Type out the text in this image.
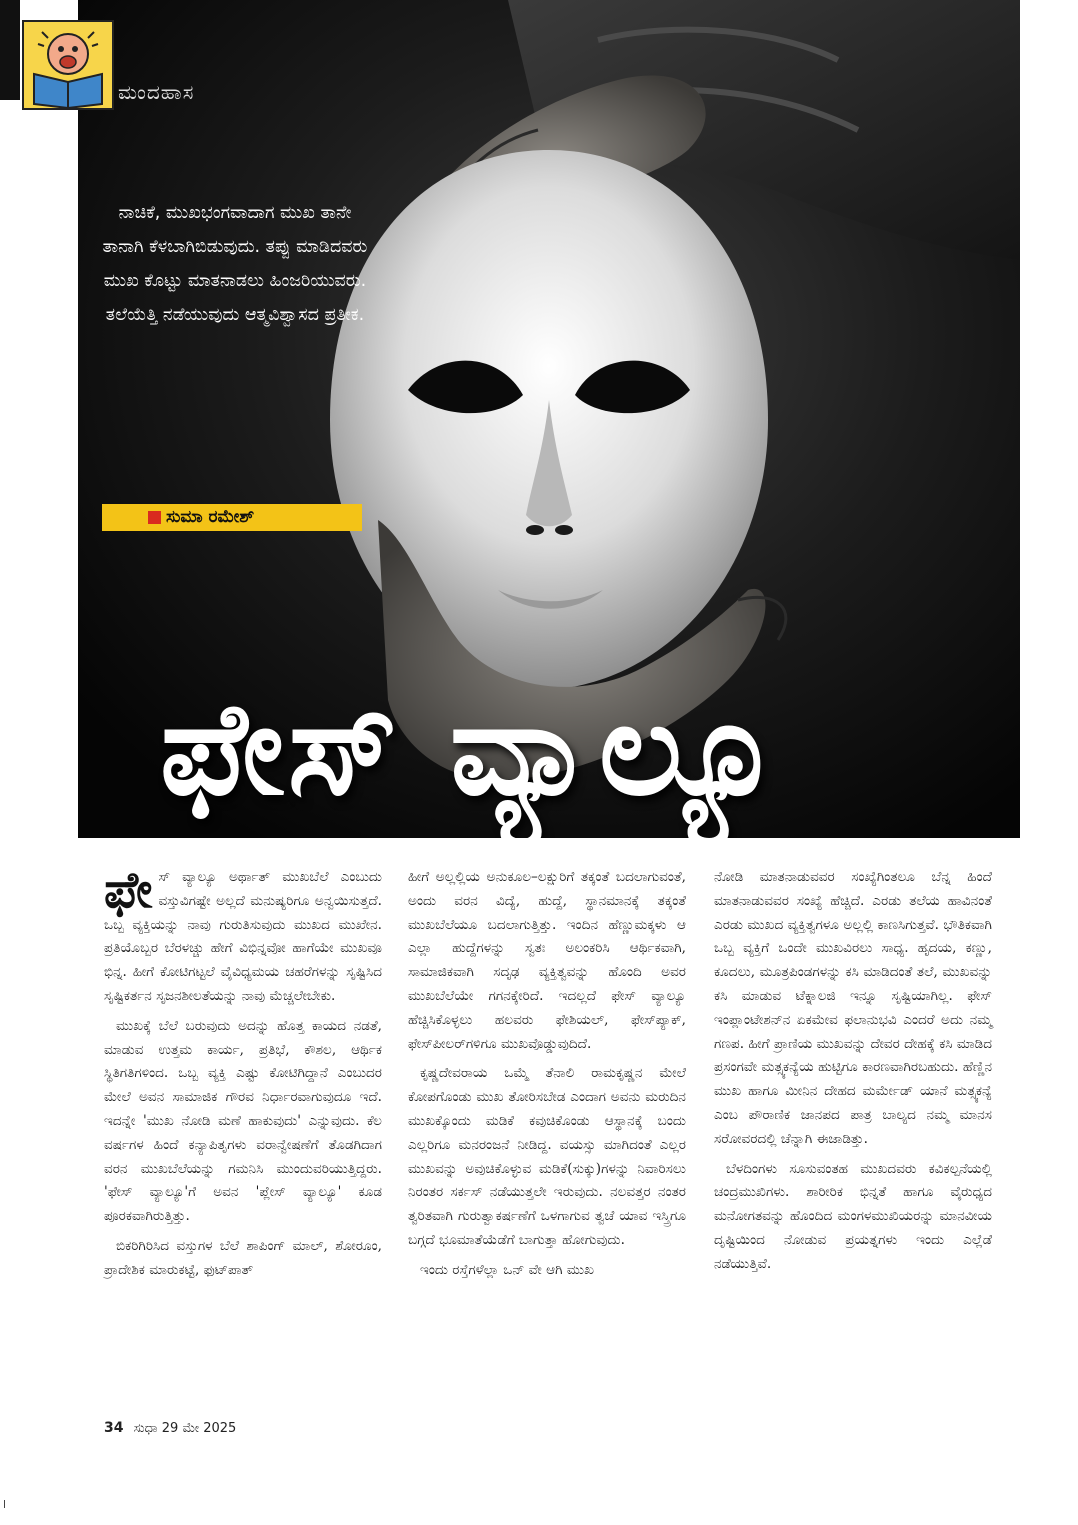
ಮಂದಹಾಸ
ನಾಚಿಕೆ, ಮುಖಭಂಗವಾದಾಗ ಮುಖ ತಾನೇ ತಾನಾಗಿ ಕೆಳಬಾಗಿಬಿಡುವುದು. ತಪ್ಪು ಮಾಡಿದವರು ಮುಖ ಕೊಟ್ಟು ಮಾತನಾಡಲು ಹಿಂಜರಿಯುವರು. ತಲೆಯೆತ್ತಿ ನಡೆಯುವುದು ಆತ್ಮವಿಶ್ವಾಸದ ಪ್ರತೀಕ.
ಸುಮಾ ರಮೇಶ್
ಫೇಸ್ ವ್ಯಾಲ್ಯೂ

ಫೇಸ್ ವ್ಯಾಲ್ಯೂ ಅರ್ಥಾತ್ ಮುಖಬೆಲೆ ಎಂಬುದು ವಸ್ತುವಿಗಷ್ಟೇ ಅಲ್ಲದೆ ಮನುಷ್ಯರಿಗೂ ಅನ್ವಯಿಸುತ್ತದೆ. ಒಬ್ಬ ವ್ಯಕ್ತಿಯನ್ನು ನಾವು ಗುರುತಿಸುವುದು ಮುಖದ ಮುಖೇನ. ಪ್ರತಿಯೊಬ್ಬರ ಬೆರಳಚ್ಚು ಹೇಗೆ ವಿಭಿನ್ನವೋ ಹಾಗೆಯೇ ಮುಖವೂ ಭಿನ್ನ. ಹೀಗೆ ಕೋಟಿಗಟ್ಟಲೆ ವೈವಿಧ್ಯಮಯ ಚಹರೆಗಳನ್ನು ಸೃಷ್ಟಿಸಿದ ಸೃಷ್ಟಿಕರ್ತನ ಸೃಜನಶೀಲತೆಯನ್ನು ನಾವು ಮೆಚ್ಚಲೇಬೇಕು.

ಮುಖಕ್ಕೆ ಬೆಲೆ ಬರುವುದು ಅದನ್ನು ಹೊತ್ತ ಕಾಯದ ನಡತೆ, ಮಾಡುವ ಉತ್ತಮ ಕಾರ್ಯ, ಪ್ರತಿಭೆ, ಕೌಶಲ, ಆರ್ಥಿಕ ಸ್ಥಿತಿಗತಿಗಳಿಂದ. ಒಬ್ಬ ವ್ಯಕ್ತಿ ಎಷ್ಟು ಕೋಟಿಗಿದ್ದಾನೆ ಎಂಬುದರ ಮೇಲೆ ಅವನ ಸಾಮಾಜಿಕ ಗೌರವ ನಿರ್ಧಾರವಾಗುವುದೂ ಇದೆ. ಇದನ್ನೇ 'ಮುಖ ನೋಡಿ ಮಣೆ ಹಾಕುವುದು' ಎನ್ನುವುದು. ಕೆಲ ವರ್ಷಗಳ ಹಿಂದೆ ಕನ್ಯಾಪಿತೃಗಳು ವರಾನ್ವೇಷಣೆಗೆ ತೊಡಗಿದಾಗ ವರನ ಮುಖಬೆಲೆಯನ್ನು ಗಮನಿಸಿ ಮುಂದುವರಿಯುತ್ತಿದ್ದರು. 'ಫೇಸ್ ವ್ಯಾಲ್ಯೂ'ಗೆ ಅವನ 'ಪ್ಲೇಸ್ ವ್ಯಾಲ್ಯೂ' ಕೂಡ ಪೂರಕವಾಗಿರುತ್ತಿತ್ತು.

ಬಿಕರಿಗಿರಿಸಿದ ವಸ್ತುಗಳ ಬೆಲೆ ಶಾಪಿಂಗ್ ಮಾಲ್, ಶೋರೂಂ, ಪ್ರಾದೇಶಿಕ ಮಾರುಕಟ್ಟೆ, ಫುಟ್‌ಪಾತ್

ಹೀಗೆ ಅಲ್ಲಲ್ಲಿಯ ಅನುಕೂಲ–ಲಕ್ಷುರಿಗೆ ತಕ್ಕಂತೆ ಬದಲಾಗುವಂತೆ, ಅಂದು ವರನ ವಿದ್ಯೆ, ಹುದ್ದೆ, ಸ್ಥಾನಮಾನಕ್ಕೆ ತಕ್ಕಂತೆ ಮುಖಬೆಲೆಯೂ ಬದಲಾಗುತ್ತಿತ್ತು. ಇಂದಿನ ಹೆಣ್ಣುಮಕ್ಕಳು ಆ ಎಲ್ಲಾ ಹುದ್ದೆಗಳನ್ನು ಸ್ವತಃ ಅಲಂಕರಿಸಿ ಆರ್ಥಿಕವಾಗಿ, ಸಾಮಾಜಿಕವಾಗಿ ಸದೃಢ ವ್ಯಕ್ತಿತ್ವವನ್ನು ಹೊಂದಿ ಅವರ ಮುಖಬೆಲೆಯೇ ಗಗನಕ್ಕೇರಿದೆ. ಇದಲ್ಲದೆ ಫೇಸ್ ವ್ಯಾಲ್ಯೂ ಹೆಚ್ಚಿಸಿಕೊಳ್ಳಲು ಹಲವರು ಫೇಶಿಯಲ್, ಫೇಸ್‌ಪ್ಯಾಕ್, ಫೇಸ್‌ಪೀಲರ್‌ಗಳಿಗೂ ಮುಖವೊಡ್ಡುವುದಿದೆ.

ಕೃಷ್ಣದೇವರಾಯ ಒಮ್ಮೆ ತೆನಾಲಿ ರಾಮಕೃಷ್ಣನ ಮೇಲೆ ಕೋಪಗೊಂಡು ಮುಖ ತೋರಿಸಬೇಡ ಎಂದಾಗ ಅವನು ಮರುದಿನ ಮುಖಕ್ಕೊಂದು ಮಡಿಕೆ ಕವುಚಿಕೊಂಡು ಆಸ್ಥಾನಕ್ಕೆ ಬಂದು ಎಲ್ಲರಿಗೂ ಮನರಂಜನೆ ನೀಡಿದ್ದ. ವಯಸ್ಸು ಮಾಗಿದಂತೆ ಎಲ್ಲರ ಮುಖವನ್ನು ಅವುಚಿಕೊಳ್ಳುವ ಮಡಿಕೆ(ಸುಕ್ಕು)ಗಳನ್ನು ನಿವಾರಿಸಲು ನಿರಂತರ ಸರ್ಕಸ್ ನಡೆಯುತ್ತಲೇ ಇರುವುದು. ನಲವತ್ತರ ನಂತರ ತ್ವರಿತವಾಗಿ ಗುರುತ್ವಾಕರ್ಷಣೆಗೆ ಒಳಗಾಗುವ ತ್ವಚೆ ಯಾವ ಇಸ್ತ್ರಿಗೂ ಬಗ್ಗದೆ ಭೂಮಾತೆಯೆಡೆಗೆ ಬಾಗುತ್ತಾ ಹೋಗುವುದು.

ಇಂದು ರಸ್ತೆಗಳೆಲ್ಲಾ ಒನ್ ವೇ ಆಗಿ ಮುಖ

ನೋಡಿ ಮಾತನಾಡುವವರ ಸಂಖ್ಯೆಗಿಂತಲೂ ಬೆನ್ನ ಹಿಂದೆ ಮಾತನಾಡುವವರ ಸಂಖ್ಯೆ ಹೆಚ್ಚಿದೆ. ಎರಡು ತಲೆಯ ಹಾವಿನಂತೆ ಎರಡು ಮುಖದ ವ್ಯಕ್ತಿತ್ವಗಳೂ ಅಲ್ಲಲ್ಲಿ ಕಾಣಸಿಗುತ್ತವೆ. ಭೌತಿಕವಾಗಿ ಒಬ್ಬ ವ್ಯಕ್ತಿಗೆ ಒಂದೇ ಮುಖವಿರಲು ಸಾಧ್ಯ. ಹೃದಯ, ಕಣ್ಣು, ಕೂದಲು, ಮೂತ್ರಪಿಂಡಗಳನ್ನು ಕಸಿ ಮಾಡಿದಂತೆ ತಲೆ, ಮುಖವನ್ನು ಕಸಿ ಮಾಡುವ ಟೆಕ್ನಾಲಜಿ ಇನ್ನೂ ಸೃಷ್ಟಿಯಾಗಿಲ್ಲ. ಫೇಸ್ ಇಂಪ್ಲಾಂಟೇಶನ್‌ನ ಏಕಮೇವ ಫಲಾನುಭವಿ ಎಂದರೆ ಅದು ನಮ್ಮ ಗಣಪ. ಹೀಗೆ ಪ್ರಾಣಿಯ ಮುಖವನ್ನು ದೇವರ ದೇಹಕ್ಕೆ ಕಸಿ ಮಾಡಿದ ಪ್ರಸಂಗವೇ ಮತ್ಸ್ಯಕನ್ಯೆಯ ಹುಟ್ಟಿಗೂ ಕಾರಣವಾಗಿರಬಹುದು. ಹೆಣ್ಣಿನ ಮುಖ ಹಾಗೂ ಮೀನಿನ ದೇಹದ ಮರ್ಮೇಡ್ ಯಾನೆ ಮತ್ಸ್ಯಕನ್ಯೆ ಎಂಬ ಪೌರಾಣಿಕ ಜಾನಪದ ಪಾತ್ರ ಬಾಲ್ಯದ ನಮ್ಮ ಮಾನಸ ಸರೋವರದಲ್ಲಿ ಚೆನ್ನಾಗಿ ಈಜಾಡಿತ್ತು.

ಬೆಳದಿಂಗಳು ಸೂಸುವಂತಹ ಮುಖದವರು ಕವಿಕಲ್ಪನೆಯಲ್ಲಿ ಚಂದ್ರಮುಖಿಗಳು. ಶಾರೀರಿಕ ಭಿನ್ನತೆ ಹಾಗೂ ವೈರುಧ್ಯದ ಮನೋಗತವನ್ನು ಹೊಂದಿದ ಮಂಗಳಮುಖಿಯರನ್ನು ಮಾನವೀಯ ದೃಷ್ಟಿಯಿಂದ ನೋಡುವ ಪ್ರಯತ್ನಗಳು ಇಂದು ಎಲ್ಲೆಡೆ ನಡೆಯುತ್ತಿವೆ.

34 ಸುಧಾ 29 ಮೇ 2025
